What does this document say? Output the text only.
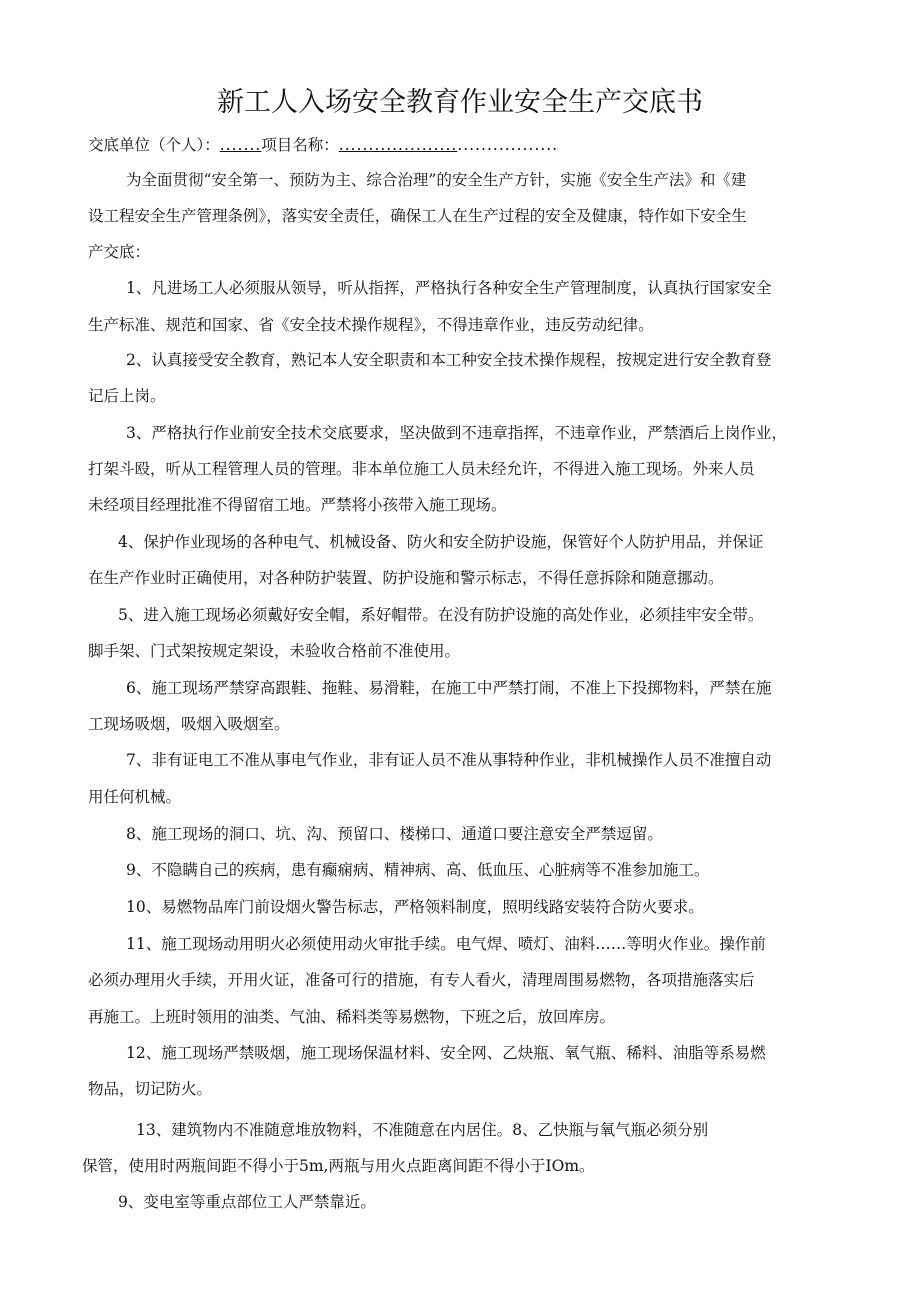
新工人入场安全教育作业安全生产交底书
交底单位（个人）：.......项目名称：.....................................
为全面贯彻“安全第一、预防为主、综合治理”的安全生产方针，实施《安全生产法》和《建
设工程安全生产管理条例》，落实安全责任，确保工人在生产过程的安全及健康，特作如下安全生
产交底：
1、凡进场工人必须服从领导，听从指挥，严格执行各种安全生产管理制度，认真执行国家安全
生产标准、规范和国家、省《安全技术操作规程》，不得违章作业，违反劳动纪律。
2、认真接受安全教育，熟记本人安全职责和本工种安全技术操作规程，按规定进行安全教育登
记后上岗。
3、严格执行作业前安全技术交底要求，坚决做到不违章指挥，不违章作业，严禁酒后上岗作业，
打架斗殴，听从工程管理人员的管理。非本单位施工人员未经允许，不得进入施工现场。外来人员
未经项目经理批准不得留宿工地。严禁将小孩带入施工现场。
4、保护作业现场的各种电气、机械设备、防火和安全防护设施，保管好个人防护用品，并保证
在生产作业时正确使用，对各种防护装置、防护设施和警示标志，不得任意拆除和随意挪动。
5、进入施工现场必须戴好安全帽，系好帽带。在没有防护设施的高处作业，必须挂牢安全带。
脚手架、门式架按规定架设，未验收合格前不准使用。
6、施工现场严禁穿高跟鞋、拖鞋、易滑鞋，在施工中严禁打闹，不准上下投掷物料，严禁在施
工现场吸烟，吸烟入吸烟室。
7、非有证电工不准从事电气作业，非有证人员不准从事特种作业，非机械操作人员不准擅自动
用任何机械。
8、施工现场的洞口、坑、沟、预留口、楼梯口、通道口要注意安全严禁逗留。
9、不隐瞒自己的疾病，患有癫痫病、精神病、高、低血压、心脏病等不准参加施工。
10、易燃物品库门前设烟火警告标志，严格领料制度，照明线路安装符合防火要求。
11、施工现场动用明火必须使用动火审批手续。电气焊、喷灯、油料……等明火作业。操作前
必须办理用火手续，开用火证，准备可行的措施，有专人看火，清理周围易燃物，各项措施落实后
再施工。上班时领用的油类、气油、稀料类等易燃物，下班之后，放回库房。
12、施工现场严禁吸烟，施工现场保温材料、安全网、乙炔瓶、氧气瓶、稀料、油脂等系易燃
物品，切记防火。
13、建筑物内不准随意堆放物料，不准随意在内居住。8、乙快瓶与氧气瓶必须分别
保管，使用时两瓶间距不得小于5m,两瓶与用火点距离间距不得小于IOm。
9、变电室等重点部位工人严禁靠近。
